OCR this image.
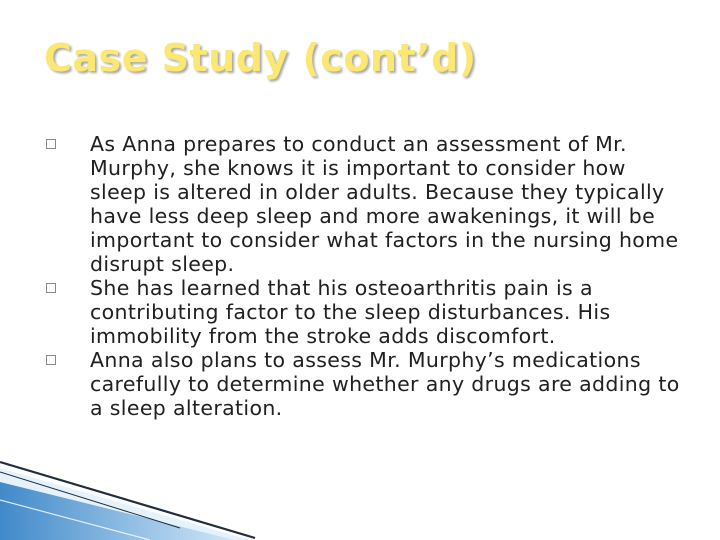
Case Study (cont’d)
As Anna prepares to conduct an assessment of Mr. Murphy, she knows it is important to consider how sleep is altered in older adults. Because they typically have less deep sleep and more awakenings, it will be important to consider what factors in the nursing home disrupt sleep.
She has learned that his osteoarthritis pain is a contributing factor to the sleep disturbances. His immobility from the stroke adds discomfort.
Anna also plans to assess Mr. Murphy’s medications carefully to determine whether any drugs are adding to a sleep alteration.
